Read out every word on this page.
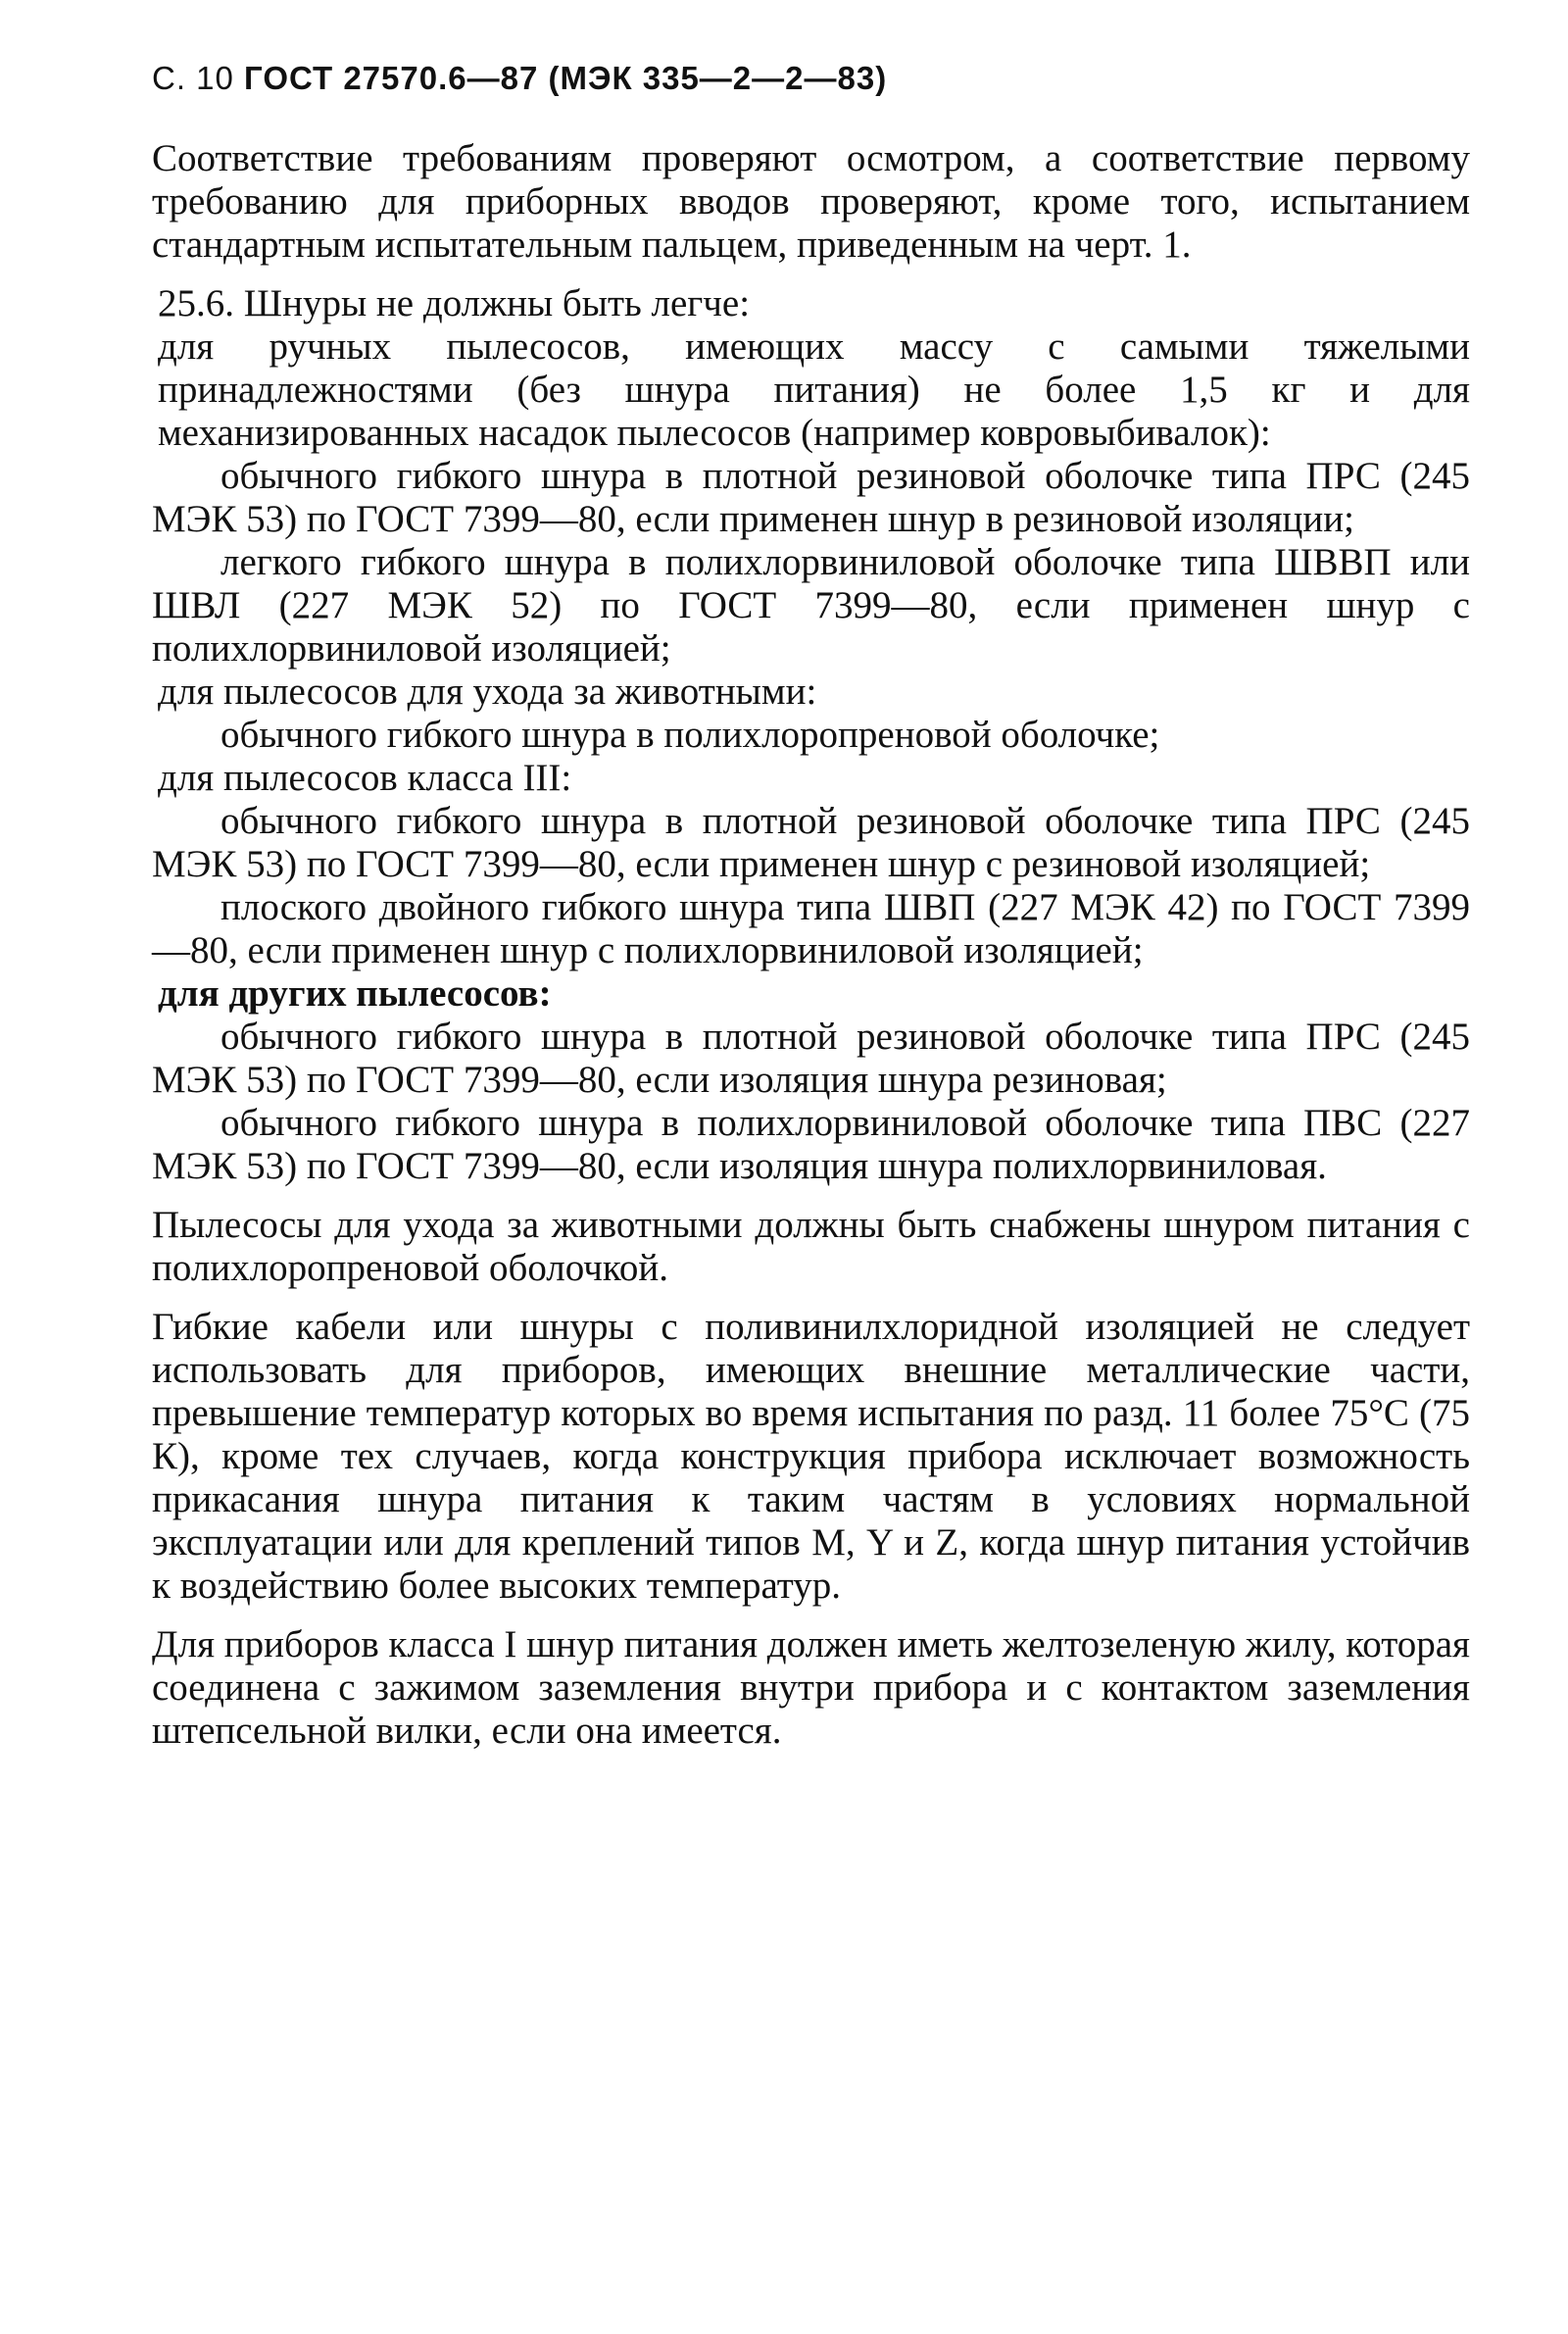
С. 10 ГОСТ 27570.6—87 (МЭК 335—2—2—83)

Соответствие требованиям проверяют осмотром, а соответствие первому требованию для приборных вводов проверяют, кроме того, испытанием стандартным испытательным пальцем, приведенным на черт. 1.

25.6. Шнуры не должны быть легче:

для ручных пылесосов, имеющих массу с самыми тяжелыми принадлежностями (без шнура питания) не более 1,5 кг и для механизированных насадок пылесосов (например ковровыбивалок):

обычного гибкого шнура в плотной резиновой оболочке типа ПРС (245 МЭК 53) по ГОСТ 7399—80, если применен шнур в резиновой изоляции;

легкого гибкого шнура в полихлорвиниловой оболочке типа ШВВП или ШВЛ (227 МЭК 52) по ГОСТ 7399—80, если применен шнур с полихлорвиниловой изоляцией;

для пылесосов для ухода за животными:

обычного гибкого шнура в полихлоропреновой оболочке;

для пылесосов класса III:

обычного гибкого шнура в плотной резиновой оболочке типа ПРС (245 МЭК 53) по ГОСТ 7399—80, если применен шнур с резиновой изоляцией;

плоского двойного гибкого шнура типа ШВП (227 МЭК 42) по ГОСТ 7399—80, если применен шнур с полихлорвиниловой изоляцией;

для других пылесосов:

обычного гибкого шнура в плотной резиновой оболочке типа ПРС (245 МЭК 53) по ГОСТ 7399—80, если изоляция шнура резиновая;

обычного гибкого шнура в полихлорвиниловой оболочке типа ПВС (227 МЭК 53) по ГОСТ 7399—80, если изоляция шнура полихлорвиниловая.

Пылесосы для ухода за животными должны быть снабжены шнуром питания с полихлоропреновой оболочкой.

Гибкие кабели или шнуры с поливинилхлоридной изоляцией не следует использовать для приборов, имеющих внешние металлические части, превышение температур которых во время испытания по разд. 11 более 75°С (75 К), кроме тех случаев, когда конструкция прибора исключает возможность прикасания шнура питания к таким частям в условиях нормальной эксплуатации или для креплений типов М, Y и Z, когда шнур питания устойчив к воздействию более высоких температур.

Для приборов класса I шнур питания должен иметь желтозеленую жилу, которая соединена с зажимом заземления внутри прибора и с контактом заземления штепсельной вилки, если она имеется.
